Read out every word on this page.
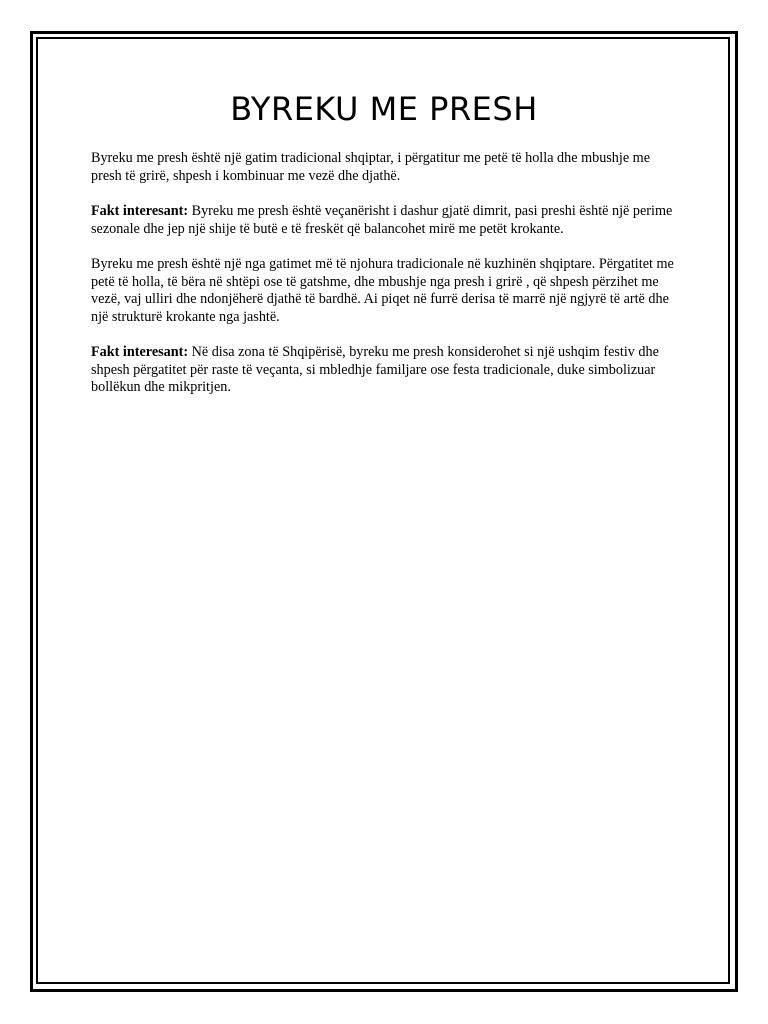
BYREKU ME PRESH

Byreku me presh është një gatim tradicional shqiptar, i përgatitur me petë të holla dhe mbushje me presh të grirë, shpesh i kombinuar me vezë dhe djathë.

Fakt interesant: Byreku me presh është veçanërisht i dashur gjatë dimrit, pasi preshi është një perime sezonale dhe jep një shije të butë e të freskët që balancohet mirë me petët krokante.

Byreku me presh është një nga gatimet më të njohura tradicionale në kuzhinën shqiptare. Përgatitet me petë të holla, të bëra në shtëpi ose të gatshme, dhe mbushje nga presh i grirë , që shpesh përzihet me vezë, vaj ulliri dhe ndonjëherë djathë të bardhë. Ai piqet në furrë derisa të marrë një ngjyrë të artë dhe një strukturë krokante nga jashtë.

Fakt interesant: Në disa zona të Shqipërisë, byreku me presh konsiderohet si një ushqim festiv dhe shpesh përgatitet për raste të veçanta, si mbledhje familjare ose festa tradicionale, duke simbolizuar bollëkun dhe mikpritjen.
